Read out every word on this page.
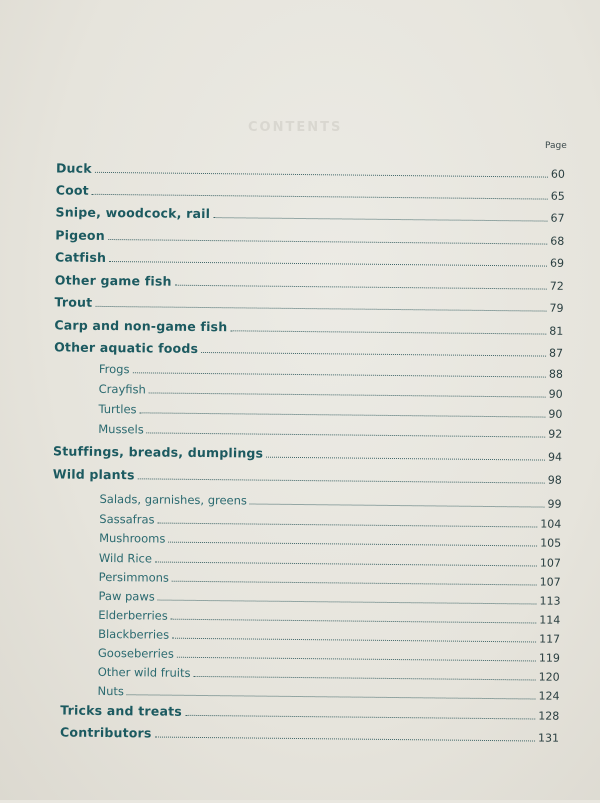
CONTENTS
Page
Duck	60
Coot	65
Snipe, woodcock, rail	67
Pigeon	68
Catfish	69
Other game fish	72
Trout	79
Carp and non-game fish	81
Other aquatic foods	87
Frogs	88
Crayfish	90
Turtles	90
Mussels	92
Stuffings, breads, dumplings	94
Wild plants	98
Salads, garnishes, greens	99
Sassafras	104
Mushrooms	105
Wild Rice	107
Persimmons	107
Paw paws	113
Elderberries	114
Blackberries	117
Gooseberries	119
Other wild fruits	120
Nuts	124
Tricks and treats	128
Contributors	131
